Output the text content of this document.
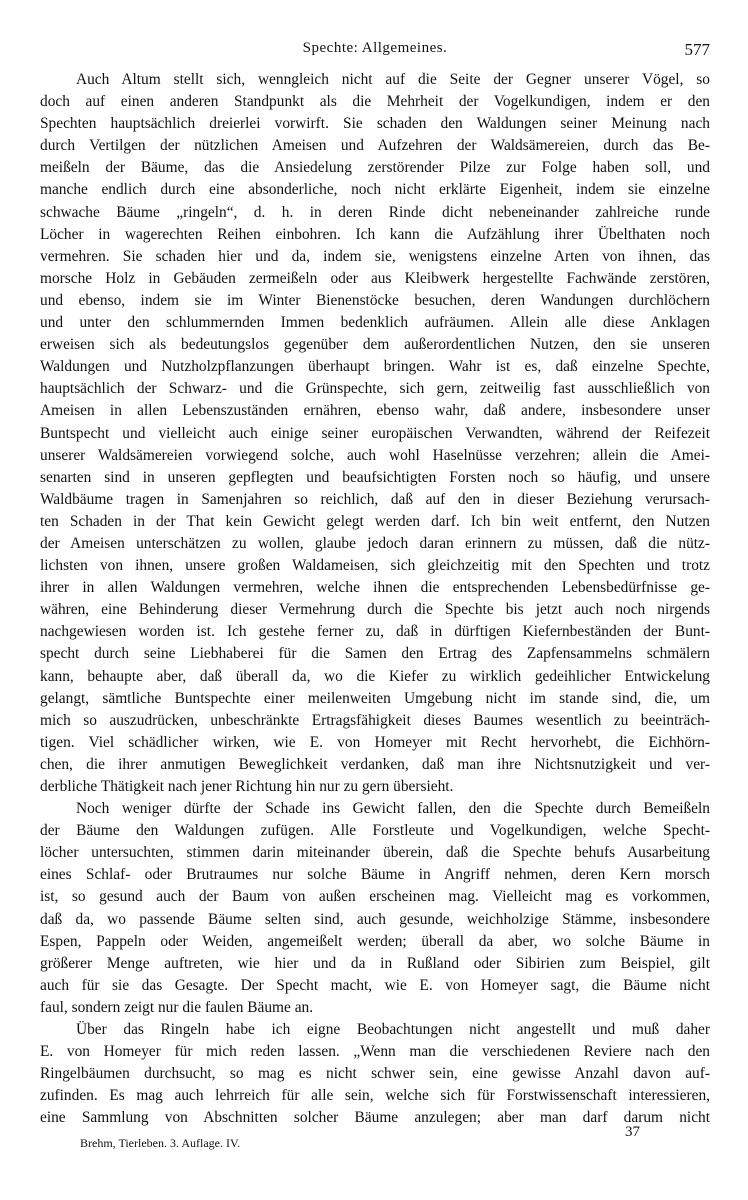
Spechte: Allgemeines.	577
Auch Altum stellt sich, wenngleich nicht auf die Seite der Gegner unserer Vögel, so
doch auf einen anderen Standpunkt als die Mehrheit der Vogelkundigen, indem er den
Spechten hauptsächlich dreierlei vorwirft. Sie schaden den Waldungen seiner Meinung nach
durch Vertilgen der nützlichen Ameisen und Aufzehren der Waldsämereien, durch das Be-
meißeln der Bäume, das die Ansiedelung zerstörender Pilze zur Folge haben soll, und
manche endlich durch eine absonderliche, noch nicht erklärte Eigenheit, indem sie einzelne
schwache Bäume „ringeln“, d. h. in deren Rinde dicht nebeneinander zahlreiche runde
Löcher in wagerechten Reihen einbohren. Ich kann die Aufzählung ihrer Übelthaten noch
vermehren. Sie schaden hier und da, indem sie, wenigstens einzelne Arten von ihnen, das
morsche Holz in Gebäuden zermeißeln oder aus Kleibwerk hergestellte Fachwände zerstören,
und ebenso, indem sie im Winter Bienenstöcke besuchen, deren Wandungen durchlöchern
und unter den schlummernden Immen bedenklich aufräumen. Allein alle diese Anklagen
erweisen sich als bedeutungslos gegenüber dem außerordentlichen Nutzen, den sie unseren
Waldungen und Nutzholzpflanzungen überhaupt bringen. Wahr ist es, daß einzelne Spechte,
hauptsächlich der Schwarz- und die Grünspechte, sich gern, zeitweilig fast ausschließlich von
Ameisen in allen Lebenszuständen ernähren, ebenso wahr, daß andere, insbesondere unser
Buntspecht und vielleicht auch einige seiner europäischen Verwandten, während der Reifezeit
unserer Waldsämereien vorwiegend solche, auch wohl Haselnüsse verzehren; allein die Amei-
senarten sind in unseren gepflegten und beaufsichtigten Forsten noch so häufig, und unsere
Waldbäume tragen in Samenjahren so reichlich, daß auf den in dieser Beziehung verursach-
ten Schaden in der That kein Gewicht gelegt werden darf. Ich bin weit entfernt, den Nutzen
der Ameisen unterschätzen zu wollen, glaube jedoch daran erinnern zu müssen, daß die nütz-
lichsten von ihnen, unsere großen Waldameisen, sich gleichzeitig mit den Spechten und trotz
ihrer in allen Waldungen vermehren, welche ihnen die entsprechenden Lebensbedürfnisse ge-
währen, eine Behinderung dieser Vermehrung durch die Spechte bis jetzt auch noch nirgends
nachgewiesen worden ist. Ich gestehe ferner zu, daß in dürftigen Kiefernbeständen der Bunt-
specht durch seine Liebhaberei für die Samen den Ertrag des Zapfensammelns schmälern
kann, behaupte aber, daß überall da, wo die Kiefer zu wirklich gedeihlicher Entwickelung
gelangt, sämtliche Buntspechte einer meilenweiten Umgebung nicht im stande sind, die, um
mich so auszudrücken, unbeschränkte Ertragsfähigkeit dieses Baumes wesentlich zu beeinträch-
tigen. Viel schädlicher wirken, wie E. von Homeyer mit Recht hervorhebt, die Eichhörn-
chen, die ihrer anmutigen Beweglichkeit verdanken, daß man ihre Nichtsnutzigkeit und ver-
derbliche Thätigkeit nach jener Richtung hin nur zu gern übersieht.
Noch weniger dürfte der Schade ins Gewicht fallen, den die Spechte durch Bemeißeln
der Bäume den Waldungen zufügen. Alle Forstleute und Vogelkundigen, welche Specht-
löcher untersuchten, stimmen darin miteinander überein, daß die Spechte behufs Ausarbeitung
eines Schlaf- oder Brutraumes nur solche Bäume in Angriff nehmen, deren Kern morsch
ist, so gesund auch der Baum von außen erscheinen mag. Vielleicht mag es vorkommen,
daß da, wo passende Bäume selten sind, auch gesunde, weichholzige Stämme, insbesondere
Espen, Pappeln oder Weiden, angemeißelt werden; überall da aber, wo solche Bäume in
größerer Menge auftreten, wie hier und da in Rußland oder Sibirien zum Beispiel, gilt
auch für sie das Gesagte. Der Specht macht, wie E. von Homeyer sagt, die Bäume nicht
faul, sondern zeigt nur die faulen Bäume an.
Über das Ringeln habe ich eigne Beobachtungen nicht angestellt und muß daher
E. von Homeyer für mich reden lassen. „Wenn man die verschiedenen Reviere nach den
Ringelbäumen durchsucht, so mag es nicht schwer sein, eine gewisse Anzahl davon auf-
zufinden. Es mag auch lehrreich für alle sein, welche sich für Forstwissenschaft interessieren,
eine Sammlung von Abschnitten solcher Bäume anzulegen; aber man darf darum nicht
37
Brehm, Tierleben. 3. Auflage. IV.
